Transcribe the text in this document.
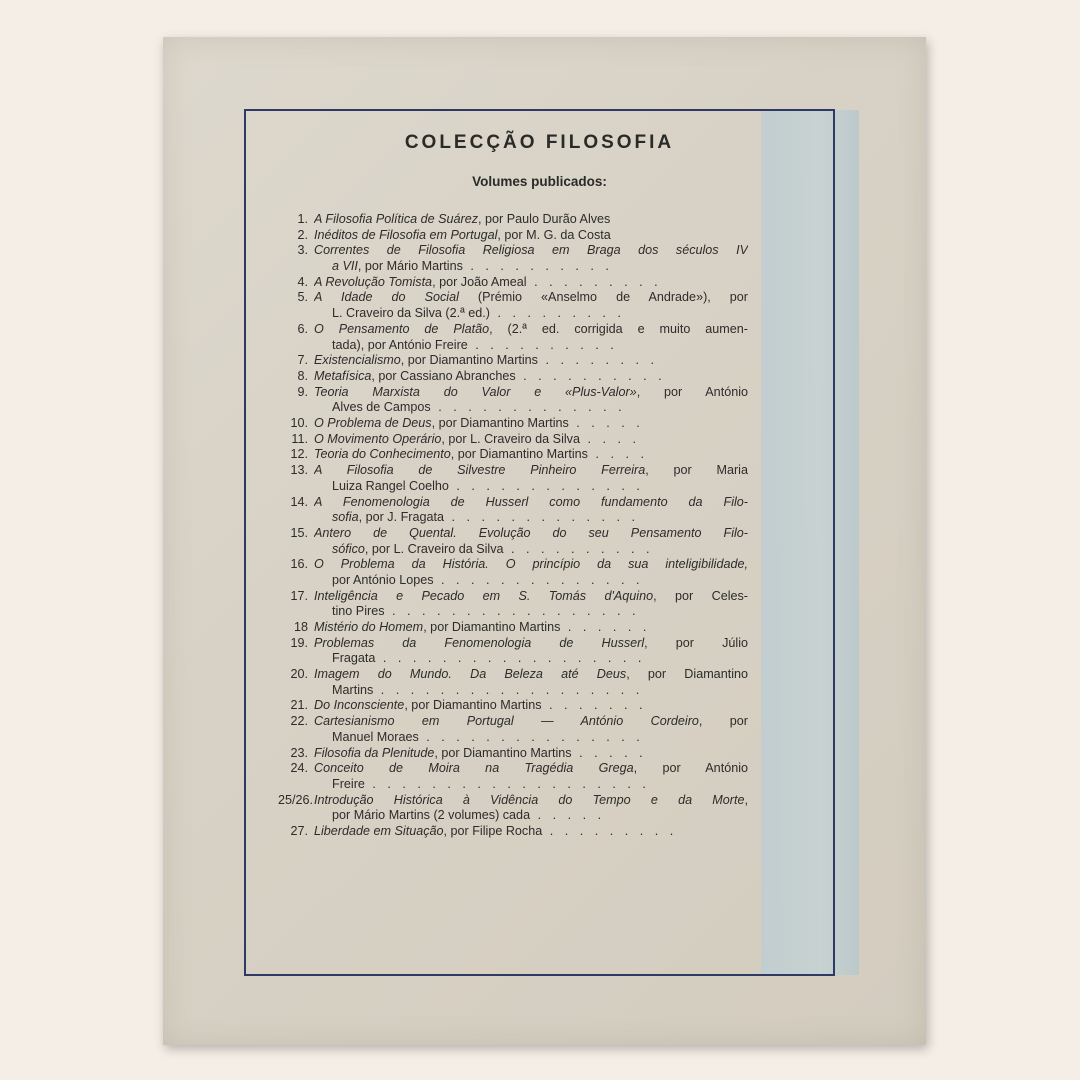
COLECÇÃO FILOSOFIA
Volumes publicados:
1. A Filosofia Política de Suárez, por Paulo Durão Alves
2. Inéditos de Filosofia em Portugal, por M. G. da Costa
3. Correntes de Filosofia Religiosa em Braga dos séculos IV
a VII, por Mário Martins . . . . . . . . . .
4. A Revolução Tomista, por João Ameal . . . . . . . . .
5. A Idade do Social (Prémio «Anselmo de Andrade»), por
L. Craveiro da Silva (2.ª ed.) . . . . . . . . .
6. O Pensamento de Platão, (2.ª ed. corrigida e muito aumen-
tada), por António Freire . . . . . . . . . .
7. Existencialismo, por Diamantino Martins . . . . . . . .
8. Metafísica, por Cassiano Abranches . . . . . . . . . .
9. Teoria Marxista do Valor e «Plus-Valor», por António
Alves de Campos . . . . . . . . . . . . .
10. O Problema de Deus, por Diamantino Martins . . . . .
11. O Movimento Operário, por L. Craveiro da Silva . . . .
12. Teoria do Conhecimento, por Diamantino Martins . . . .
13. A Filosofia de Silvestre Pinheiro Ferreira, por Maria
Luiza Rangel Coelho . . . . . . . . . . . . .
14. A Fenomenologia de Husserl como fundamento da Filo-
sofia, por J. Fragata . . . . . . . . . . . . .
15. Antero de Quental. Evolução do seu Pensamento Filo-
sófico, por L. Craveiro da Silva . . . . . . . . . .
16. O Problema da História. O princípio da sua inteligibilidade,
por António Lopes . . . . . . . . . . . . . .
17. Inteligência e Pecado em S. Tomás d'Aquino, por Celes-
tino Pires . . . . . . . . . . . . . . . . .
18 Mistério do Homem, por Diamantino Martins . . . . . .
19. Problemas da Fenomenologia de Husserl, por Júlio
Fragata . . . . . . . . . . . . . . . . . .
20. Imagem do Mundo. Da Beleza até Deus, por Diamantino
Martins . . . . . . . . . . . . . . . . . .
21. Do Inconsciente, por Diamantino Martins . . . . . . .
22. Cartesianismo em Portugal — António Cordeiro, por
Manuel Moraes . . . . . . . . . . . . . . .
23. Filosofia da Plenitude, por Diamantino Martins . . . . .
24. Conceito de Moira na Tragédia Grega, por António
Freire . . . . . . . . . . . . . . . . . . .
25/26. Introdução Histórica à Vidência do Tempo e da Morte,
por Mário Martins (2 volumes) cada . . . . .
27. Liberdade em Situação, por Filipe Rocha . . . . . . . . .
